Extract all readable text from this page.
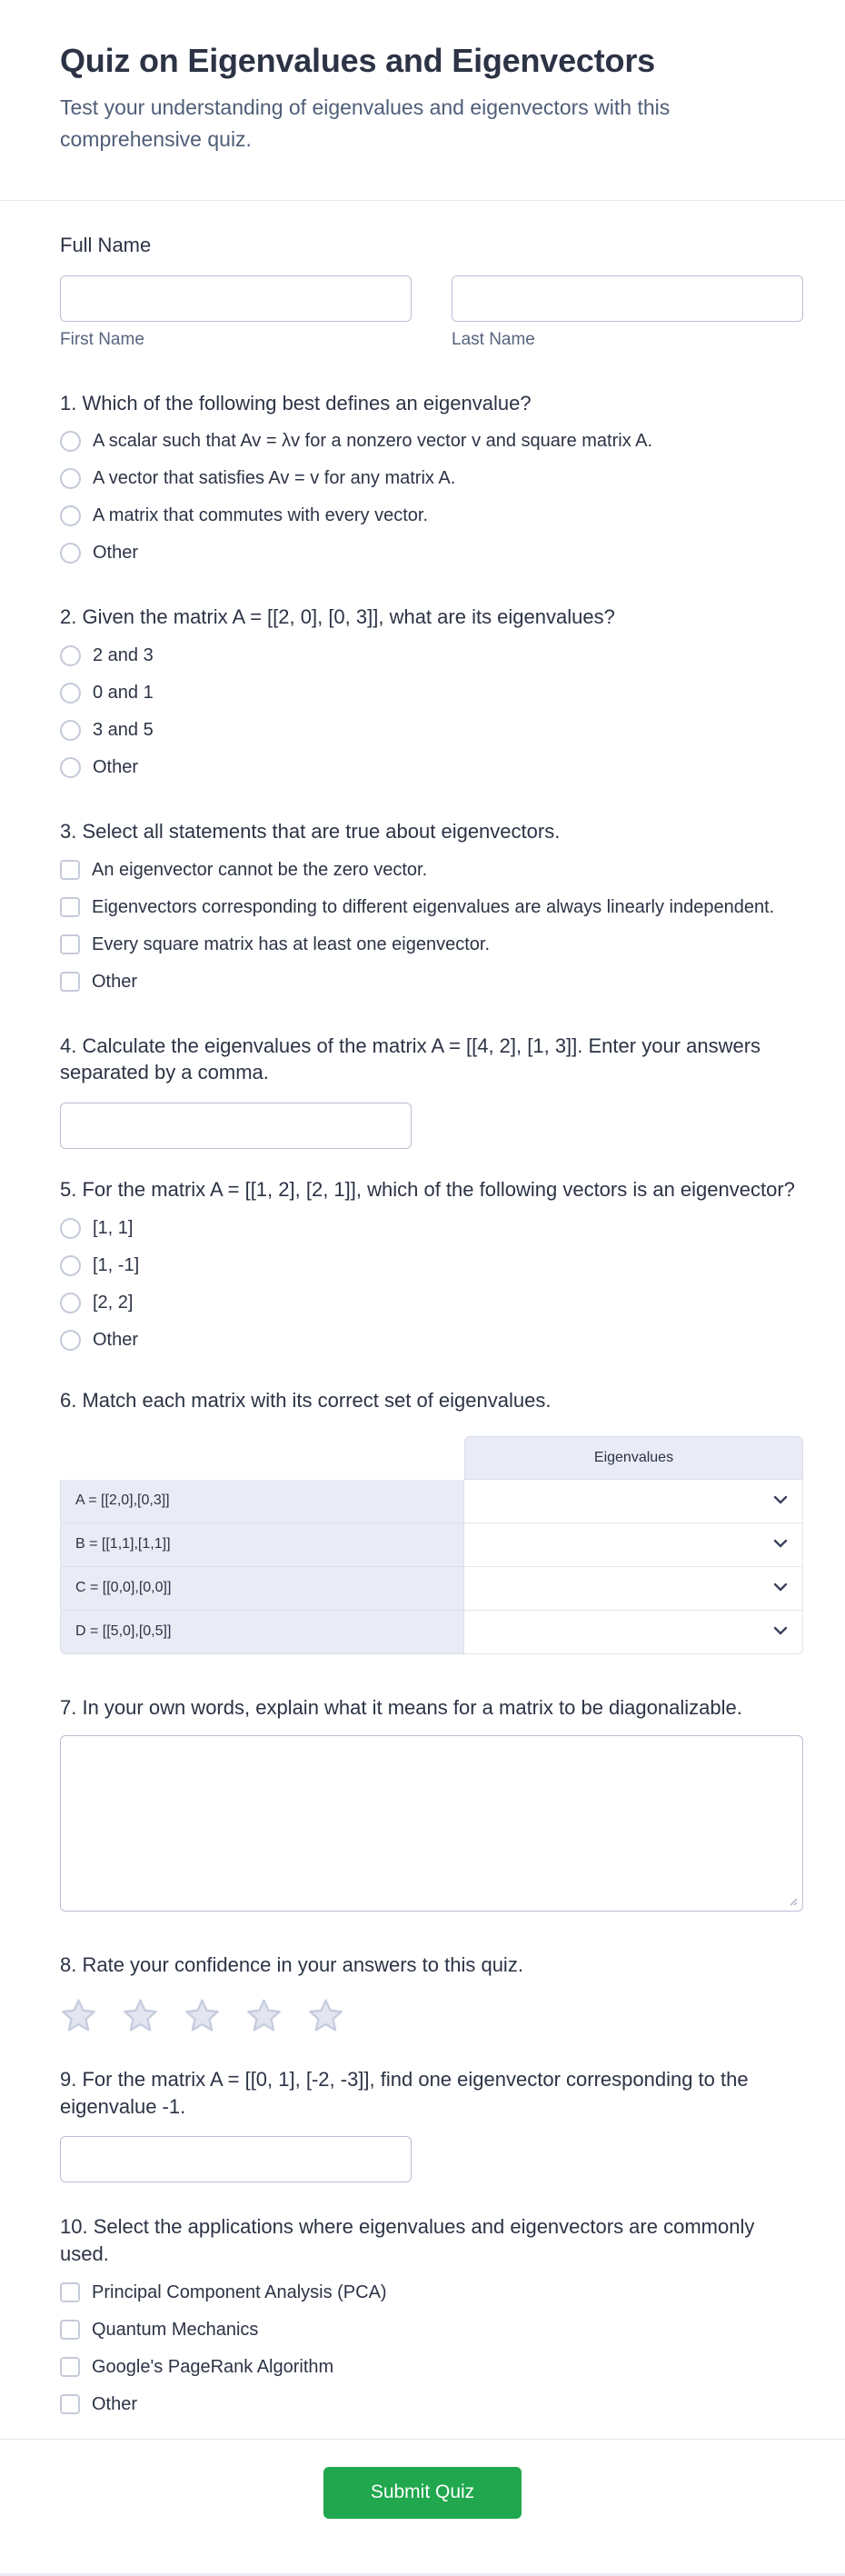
Quiz on Eigenvalues and Eigenvectors
Test your understanding of eigenvalues and eigenvectors with this comprehensive quiz.
Full Name
First Name	Last Name
1. Which of the following best defines an eigenvalue?
A scalar such that Av = λv for a nonzero vector v and square matrix A.
A vector that satisfies Av = v for any matrix A.
A matrix that commutes with every vector.
Other
2. Given the matrix A = [[2, 0], [0, 3]], what are its eigenvalues?
2 and 3
0 and 1
3 and 5
Other
3. Select all statements that are true about eigenvectors.
An eigenvector cannot be the zero vector.
Eigenvectors corresponding to different eigenvalues are always linearly independent.
Every square matrix has at least one eigenvector.
Other
4. Calculate the eigenvalues of the matrix A = [[4, 2], [1, 3]]. Enter your answers separated by a comma.
5. For the matrix A = [[1, 2], [2, 1]], which of the following vectors is an eigenvector?
[1, 1]
[1, -1]
[2, 2]
Other
6. Match each matrix with its correct set of eigenvalues.
Eigenvalues
A = [[2,0],[0,3]]
B = [[1,1],[1,1]]
C = [[0,0],[0,0]]
D = [[5,0],[0,5]]
7. In your own words, explain what it means for a matrix to be diagonalizable.
8. Rate your confidence in your answers to this quiz.
9. For the matrix A = [[0, 1], [-2, -3]], find one eigenvector corresponding to the eigenvalue -1.
10. Select the applications where eigenvalues and eigenvectors are commonly used.
Principal Component Analysis (PCA)
Quantum Mechanics
Google's PageRank Algorithm
Other
Submit Quiz
